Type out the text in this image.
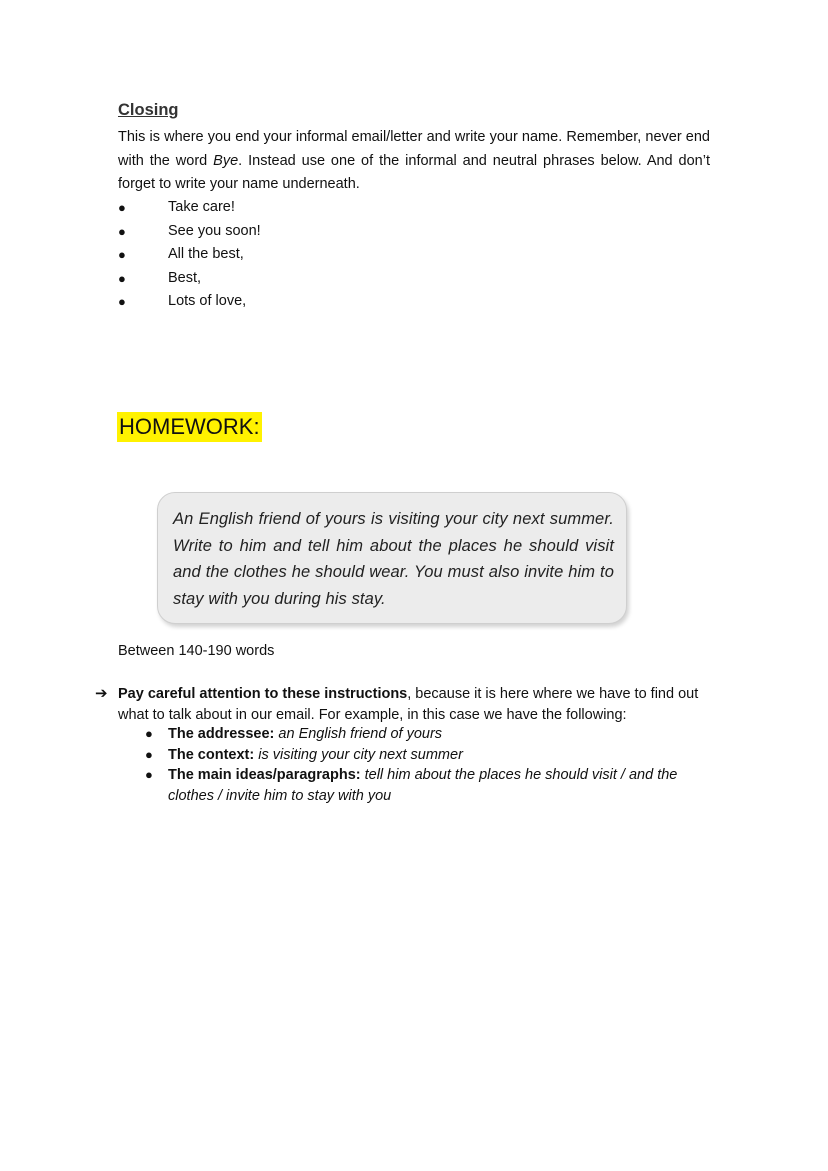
Closing

This is where you end your informal email/letter and write your name. Remember, never end with the word Bye. Instead use one of the informal and neutral phrases below. And don’t forget to write your name underneath.

●	Take care!
●	See you soon!
●	All the best,
●	Best,
●	Lots of love,
HOMEWORK:

An English friend of yours is visiting your city next summer. Write to him and tell him about the places he should visit and the clothes he should wear. You must also invite him to stay with you during his stay.

Between 140-190 words
➔ Pay careful attention to these instructions, because it is here where we have to find out what to talk about in our email. For example, in this case we have the following:

● The addressee: an English friend of yours
● The context: is visiting your city next summer
● The main ideas/paragraphs: tell him about the places he should visit / and the clothes / invite him to stay with you
